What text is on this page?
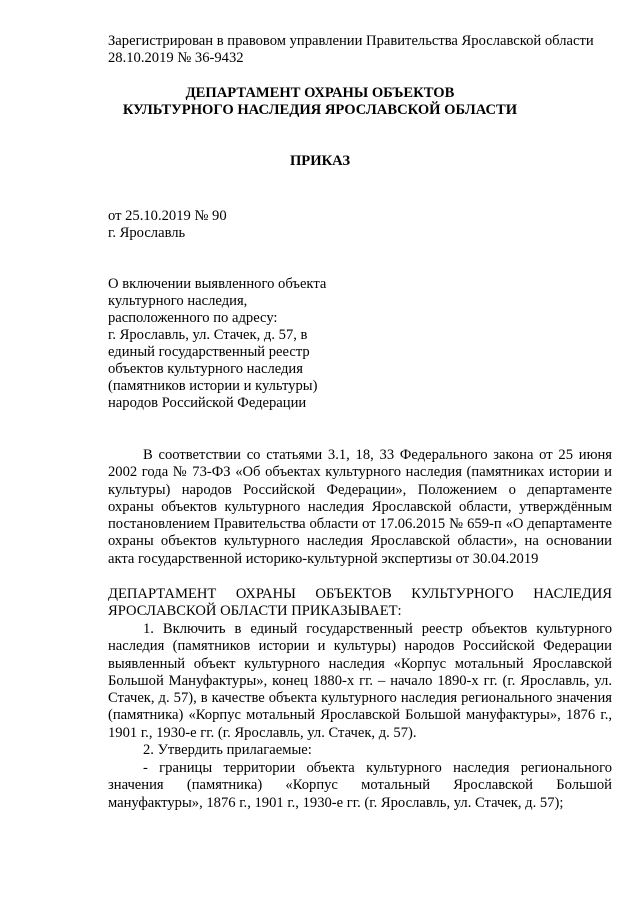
Зарегистрирован в правовом управлении Правительства Ярославской области
28.10.2019 № 36-9432
ДЕПАРТАМЕНТ ОХРАНЫ ОБЪЕКТОВ
КУЛЬТУРНОГО НАСЛЕДИЯ ЯРОСЛАВСКОЙ ОБЛАСТИ
ПРИКАЗ
от 25.10.2019 № 90
г. Ярославль
О включении выявленного объекта
культурного наследия,
расположенного по адресу:
г. Ярославль, ул. Стачек, д. 57, в
единый государственный реестр
объектов культурного наследия
(памятников истории и культуры)
народов Российской Федерации
В соответствии со статьями 3.1, 18, 33 Федерального закона от 25 июня 2002 года № 73-ФЗ «Об объектах культурного наследия (памятниках истории и культуры) народов Российской Федерации», Положением о департаменте охраны объектов культурного наследия Ярославской области, утверждённым постановлением Правительства области от 17.06.2015 № 659-п «О департаменте охраны объектов культурного наследия Ярославской области», на основании акта государственной историко-культурной экспертизы от 30.04.2019
ДЕПАРТАМЕНТ ОХРАНЫ ОБЪЕКТОВ КУЛЬТУРНОГО НАСЛЕДИЯ ЯРОСЛАВСКОЙ ОБЛАСТИ ПРИКАЗЫВАЕТ:
1. Включить в единый государственный реестр объектов культурного наследия (памятников истории и культуры) народов Российской Федерации выявленный объект культурного наследия «Корпус мотальный Ярославской Большой Мануфактуры», конец 1880-х гг. – начало 1890-х гг. (г. Ярославль, ул. Стачек, д. 57), в качестве объекта культурного наследия регионального значения (памятника) «Корпус мотальный Ярославской Большой мануфактуры», 1876 г., 1901 г., 1930-е гг. (г. Ярославль, ул. Стачек, д. 57).
2. Утвердить прилагаемые:
- границы территории объекта культурного наследия регионального значения (памятника) «Корпус мотальный Ярославской Большой мануфактуры», 1876 г., 1901 г., 1930-е гг. (г. Ярославль, ул. Стачек, д. 57);
